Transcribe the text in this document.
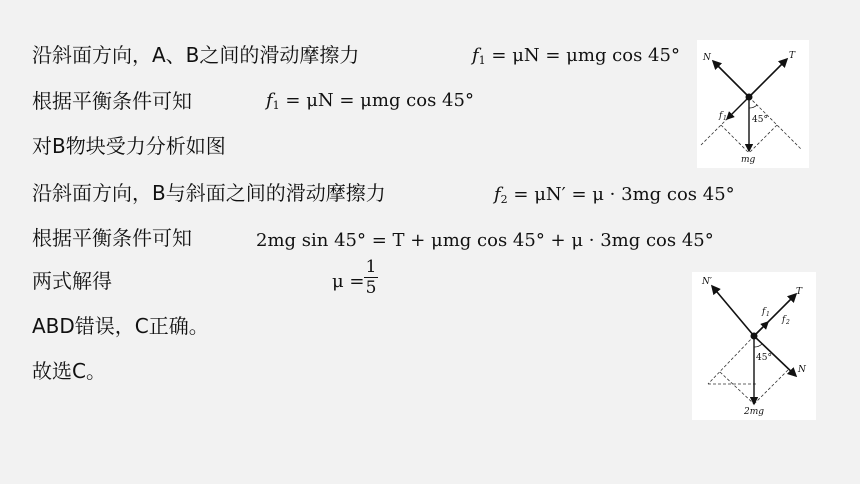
沿斜面方向，A、B之间的滑动摩擦力
根据平衡条件可知
对B物块受力分析如图
沿斜面方向，B与斜面之间的滑动摩擦力
根据平衡条件可知
两式解得
ABD错误，C正确。
故选C。
$f_1 = \mu N = \mu mg$ cos 45°
$f_1 = \mu N = \mu mg$ cos 45°
$f_2 = \mu N' = \mu \cdot 3mg$ cos 45°
2mg sin 45° = T + μmg cos 45° + μ · 3mg cos 45°
μ =
1
5
N	T
f 1	45°
mg
N′
f 1
T
f 2
45°
N
2mg
